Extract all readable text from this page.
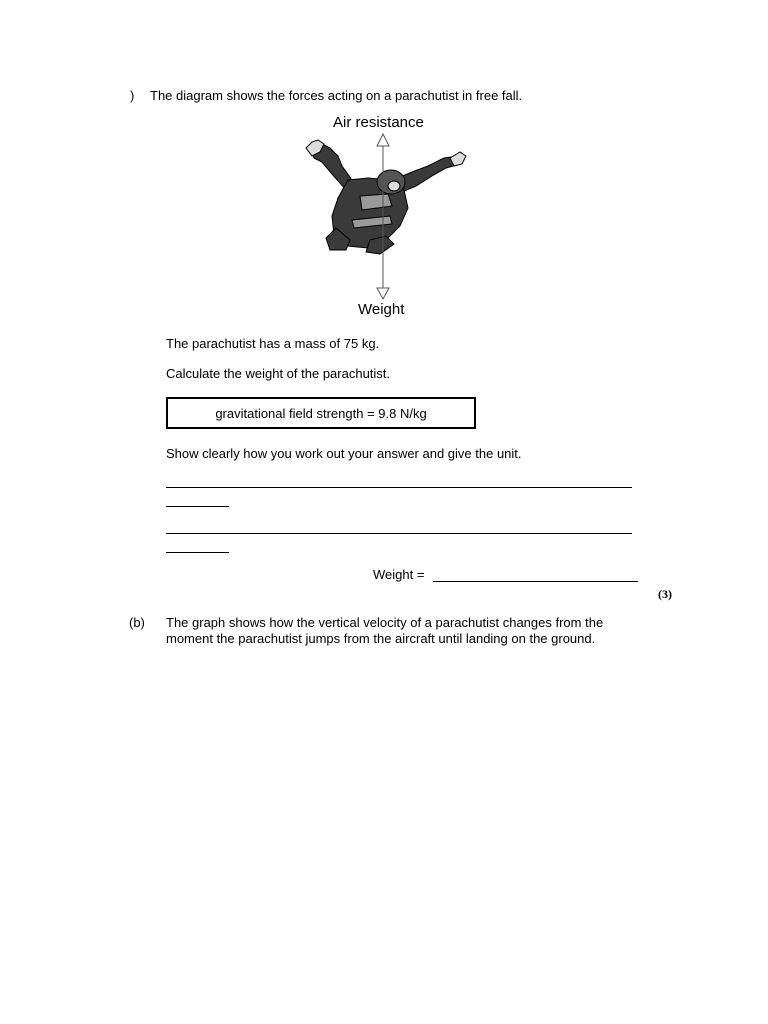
) The diagram shows the forces acting on a parachutist in free fall.
Air resistance
Weight
The parachutist has a mass of 75 kg.
Calculate the weight of the parachutist.
gravitational field strength = 9.8 N/kg
Show clearly how you work out your answer and give the unit.
Weight =
(3)
(b) The graph shows how the vertical velocity of a parachutist changes from the moment the parachutist jumps from the aircraft until landing on the ground.
